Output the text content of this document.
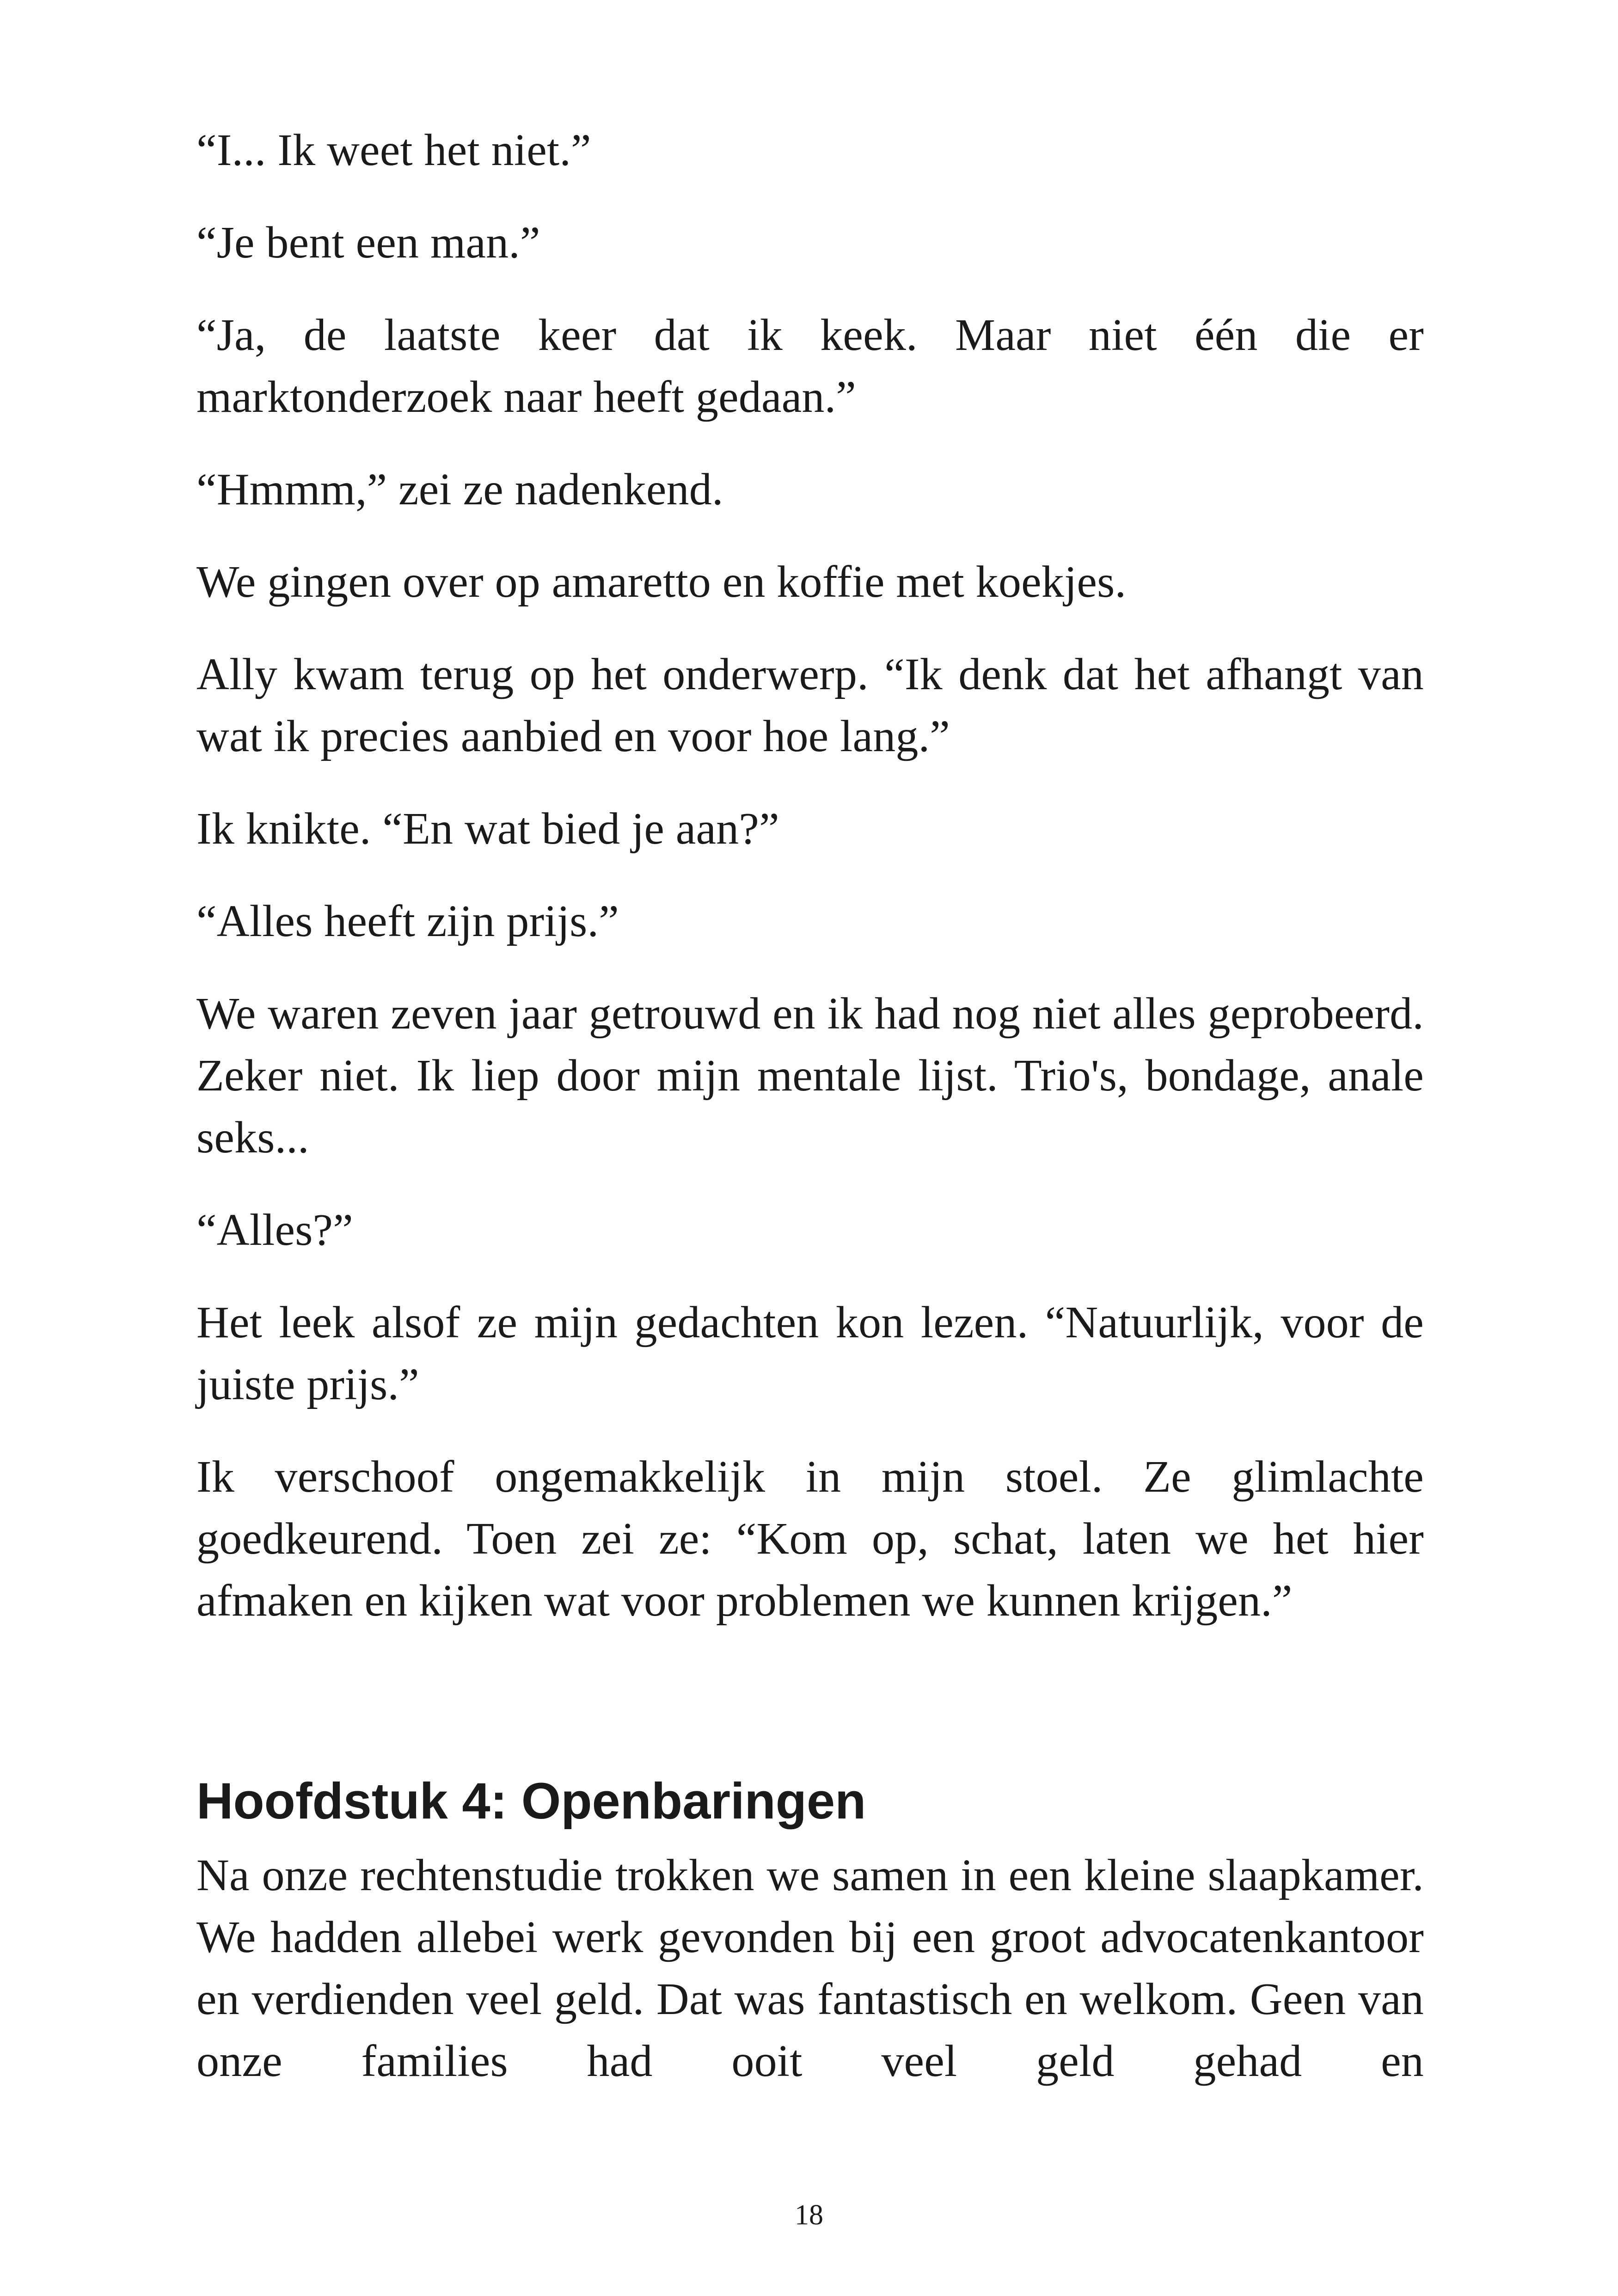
“I... Ik weet het niet.”

“Je bent een man.”

“Ja, de laatste keer dat ik keek. Maar niet één die er marktonderzoek naar heeft gedaan.”

“Hmmm,” zei ze nadenkend.

We gingen over op amaretto en koffie met koekjes.

Ally kwam terug op het onderwerp. “Ik denk dat het afhangt van wat ik precies aanbied en voor hoe lang.”

Ik knikte. “En wat bied je aan?”

“Alles heeft zijn prijs.”

We waren zeven jaar getrouwd en ik had nog niet alles geprobeerd. Zeker niet. Ik liep door mijn mentale lijst. Trio's, bondage, anale seks...

“Alles?”

Het leek alsof ze mijn gedachten kon lezen. “Natuurlijk, voor de juiste prijs.”

Ik verschoof ongemakkelijk in mijn stoel. Ze glimlachte goedkeurend. Toen zei ze: “Kom op, schat, laten we het hier afmaken en kijken wat voor problemen we kunnen krijgen.”

Hoofdstuk 4: Openbaringen

Na onze rechtenstudie trokken we samen in een kleine slaapkamer. We hadden allebei werk gevonden bij een groot advocatenkantoor en verdienden veel geld. Dat was fantastisch en welkom. Geen van onze families had ooit veel geld gehad en

18
